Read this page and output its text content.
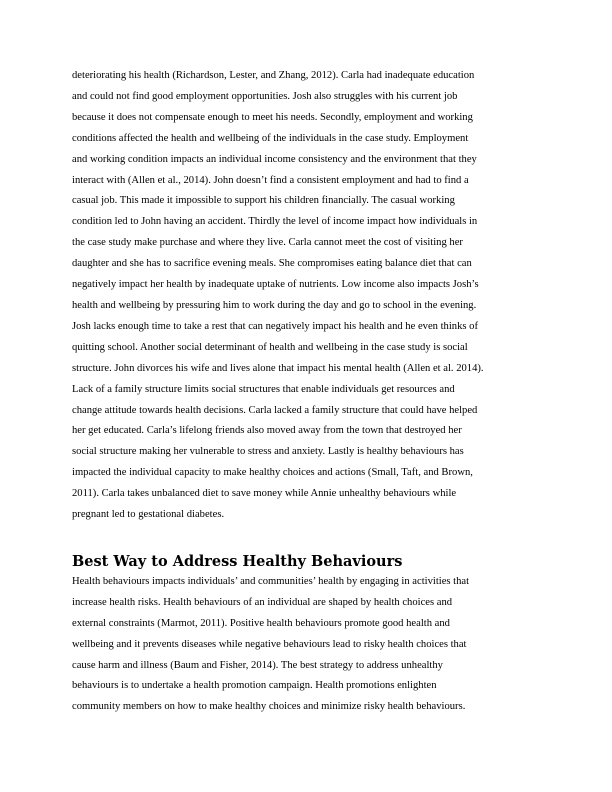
deteriorating his health (Richardson, Lester, and Zhang, 2012). Carla had inadequate education
and could not find good employment opportunities. Josh also struggles with his current job
because it does not compensate enough to meet his needs. Secondly, employment and working
conditions affected the health and wellbeing of the individuals in the case study. Employment
and working condition impacts an individual income consistency and the environment that they
interact with (Allen et al., 2014). John doesn’t find a consistent employment and had to find a
casual job. This made it impossible to support his children financially. The casual working
condition led to John having an accident. Thirdly the level of income impact how individuals in
the case study make purchase and where they live. Carla cannot meet the cost of visiting her
daughter and she has to sacrifice evening meals. She compromises eating balance diet that can
negatively impact her health by inadequate uptake of nutrients. Low income also impacts Josh’s
health and wellbeing by pressuring him to work during the day and go to school in the evening.
Josh lacks enough time to take a rest that can negatively impact his health and he even thinks of
quitting school. Another social determinant of health and wellbeing in the case study is social
structure. John divorces his wife and lives alone that impact his mental health (Allen et al. 2014).
Lack of a family structure limits social structures that enable individuals get resources and
change attitude towards health decisions. Carla lacked a family structure that could have helped
her get educated. Carla’s lifelong friends also moved away from the town that destroyed her
social structure making her vulnerable to stress and anxiety. Lastly is healthy behaviours has
impacted the individual capacity to make healthy choices and actions (Small, Taft, and Brown,
2011). Carla takes unbalanced diet to save money while Annie unhealthy behaviours while
pregnant led to gestational diabetes.

Best Way to Address Healthy Behaviours

Health behaviours impacts individuals’ and communities’ health by engaging in activities that
increase health risks. Health behaviours of an individual are shaped by health choices and
external constraints (Marmot, 2011). Positive health behaviours promote good health and
wellbeing and it prevents diseases while negative behaviours lead to risky health choices that
cause harm and illness (Baum and Fisher, 2014). The best strategy to address unhealthy
behaviours is to undertake a health promotion campaign. Health promotions enlighten
community members on how to make healthy choices and minimize risky health behaviours.
